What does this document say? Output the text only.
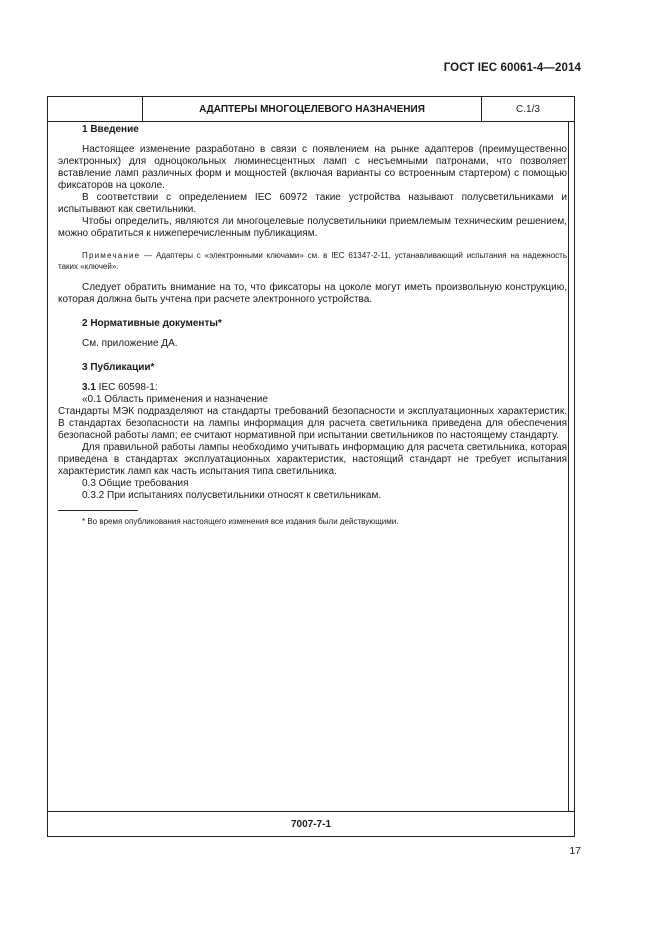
ГОСТ IEC 60061-4—2014
АДАПТЕРЫ МНОГОЦЕЛЕВОГО НАЗНАЧЕНИЯ	С.1/3
7007-7-1

1 Введение

Настоящее изменение разработано в связи с появлением на рынке адаптеров (преимущественно электронных) для одноцокольных люминесцентных ламп с несъемными патронами, что позволяет вставление ламп различных форм и мощностей (включая варианты со встроенным стартером) с помощью фиксаторов на цоколе.

В соответствии с определением IEC 60972 такие устройства называют полусветильниками и испытывают как светильники.

Чтобы определить, являются ли многоцелевые полусветильники приемлемым техническим решением, можно обратиться к нижеперечисленным публикациям.

Примечание — Адаптеры с «электронными ключами» см. в IEC 61347-2-11, устанавливающий испытания на надежность таких «ключей».

Следует обратить внимание на то, что фиксаторы на цоколе могут иметь произвольную конструкцию, которая должна быть учтена при расчете электронного устройства.

2 Нормативные документы*

См. приложение ДА.

3 Публикации*

3.1 IEC 60598-1:

«0.1 Область применения и назначение

Стандарты МЭК подразделяют на стандарты требований безопасности и эксплуатационных характеристик. В стандартах безопасности на лампы информация для расчета светильника приведена для обеспечения безопасной работы ламп; ее считают нормативной при испытании светильников по настоящему стандарту.

Для правильной работы лампы необходимо учитывать информацию для расчета светильника, которая приведена в стандартах эксплуатационных характеристик, настоящий стандарт не требует испытания характеристик ламп как часть испытания типа светильника.

0.3 Общие требования

0.3.2 При испытаниях полусветильники относят к светильникам.

* Во время опубликования настоящего изменения все издания были действующими.

17
